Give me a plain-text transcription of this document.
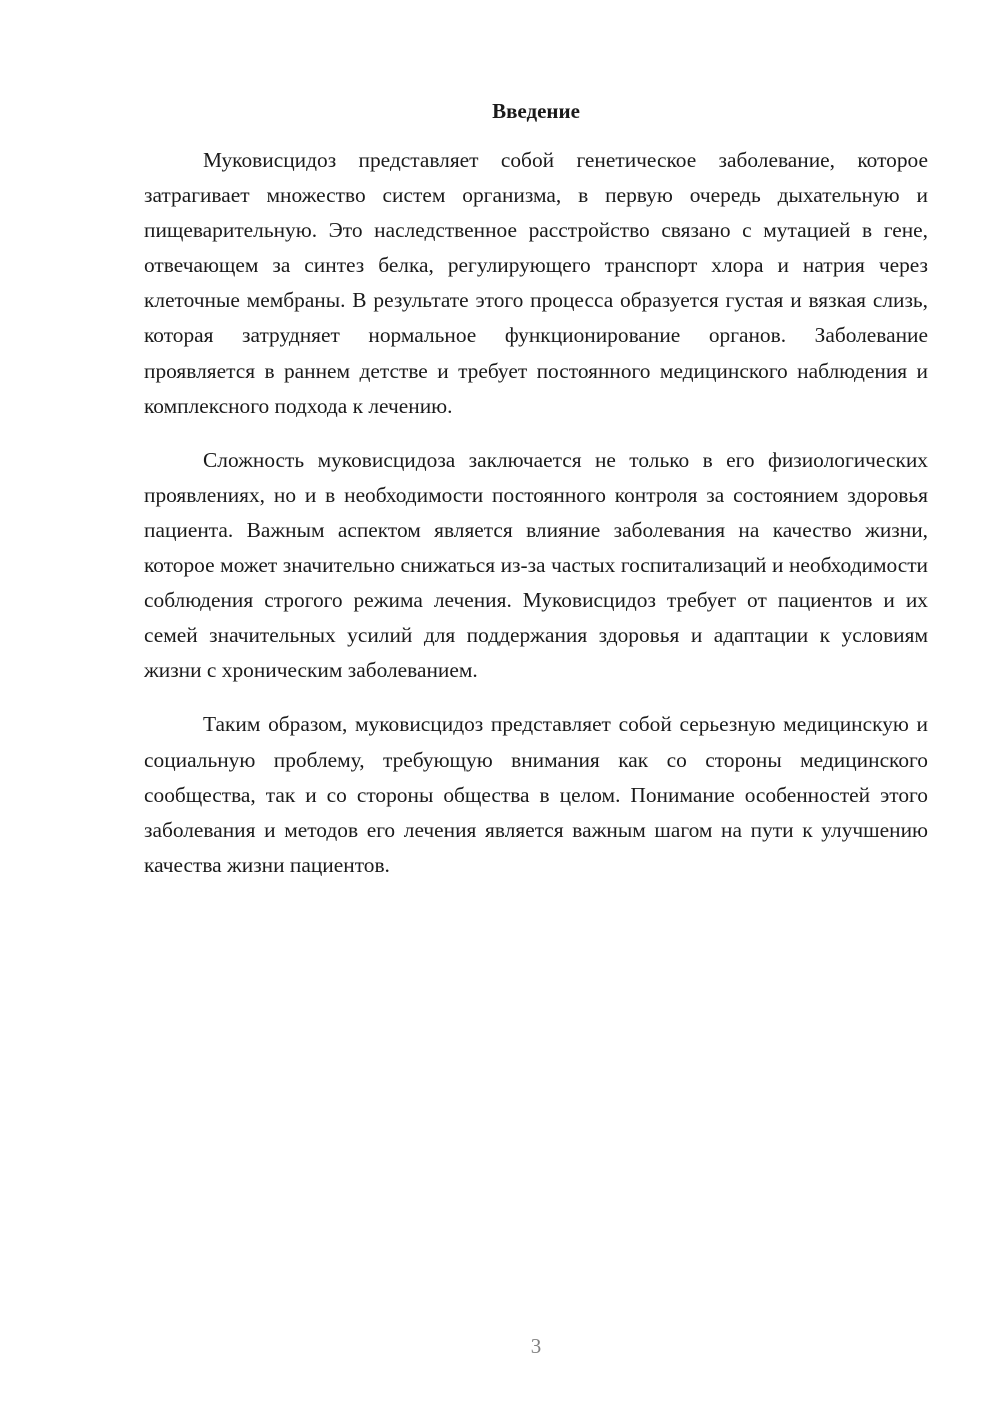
Введение

Муковисцидоз представляет собой генетическое заболевание, которое затрагивает множество систем организма, в первую очередь дыхательную и пищеварительную. Это наследственное расстройство связано с мутацией в гене, отвечающем за синтез белка, регулирующего транспорт хлора и натрия через клеточные мембраны. В результате этого процесса образуется густая и вязкая слизь, которая затрудняет нормальное функционирование органов. Заболевание проявляется в раннем детстве и требует постоянного медицинского наблюдения и комплексного подхода к лечению.

Сложность муковисцидоза заключается не только в его физиологических проявлениях, но и в необходимости постоянного контроля за состоянием здоровья пациента. Важным аспектом является влияние заболевания на качество жизни, которое может значительно снижаться из-за частых госпитализаций и необходимости соблюдения строгого режима лечения. Муковисцидоз требует от пациентов и их семей значительных усилий для поддержания здоровья и адаптации к условиям жизни с хроническим заболеванием.

Таким образом, муковисцидоз представляет собой серьезную медицинскую и социальную проблему, требующую внимания как со стороны медицинского сообщества, так и со стороны общества в целом. Понимание особенностей этого заболевания и методов его лечения является важным шагом на пути к улучшению качества жизни пациентов.

3
